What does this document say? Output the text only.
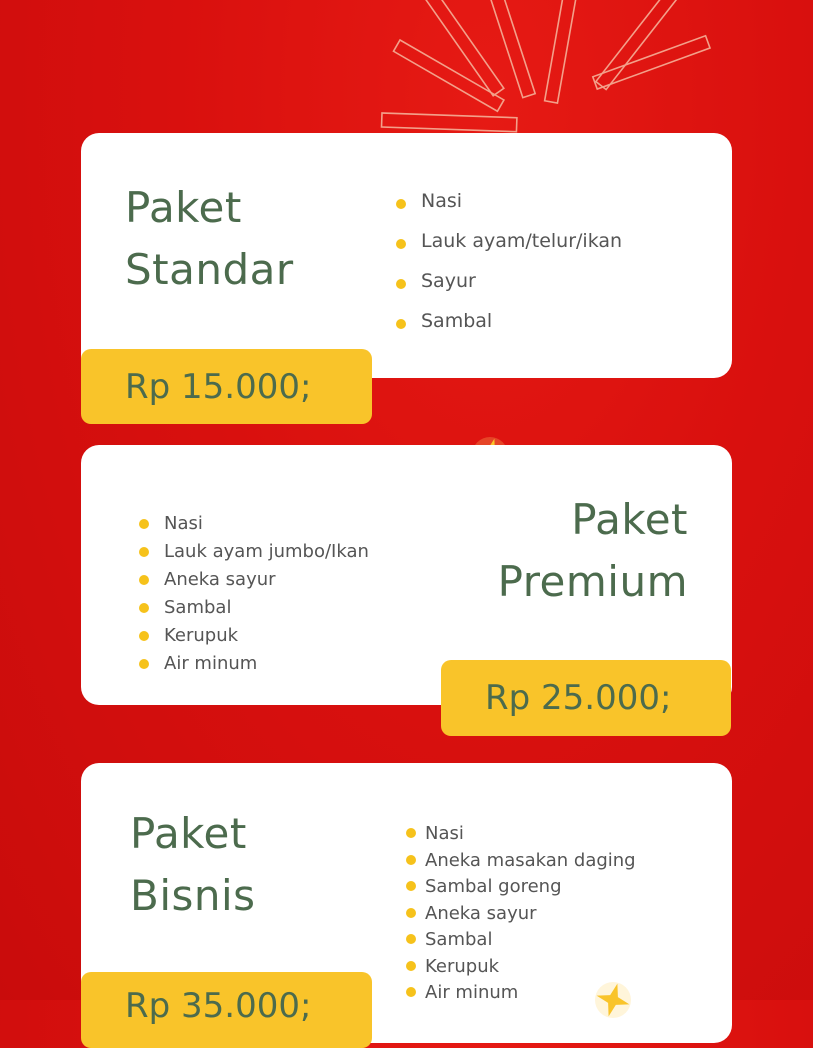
Paket
Standar
Nasi
Lauk ayam/telur/ikan
Sayur
Sambal
Rp 15.000;
Nasi
Lauk ayam jumbo/Ikan
Aneka sayur
Sambal
Kerupuk
Air minum
Paket
Premium
Rp 25.000;
Paket
Bisnis
Nasi
Aneka masakan daging
Sambal goreng
Aneka sayur
Sambal
Kerupuk
Air minum
Rp 35.000;
